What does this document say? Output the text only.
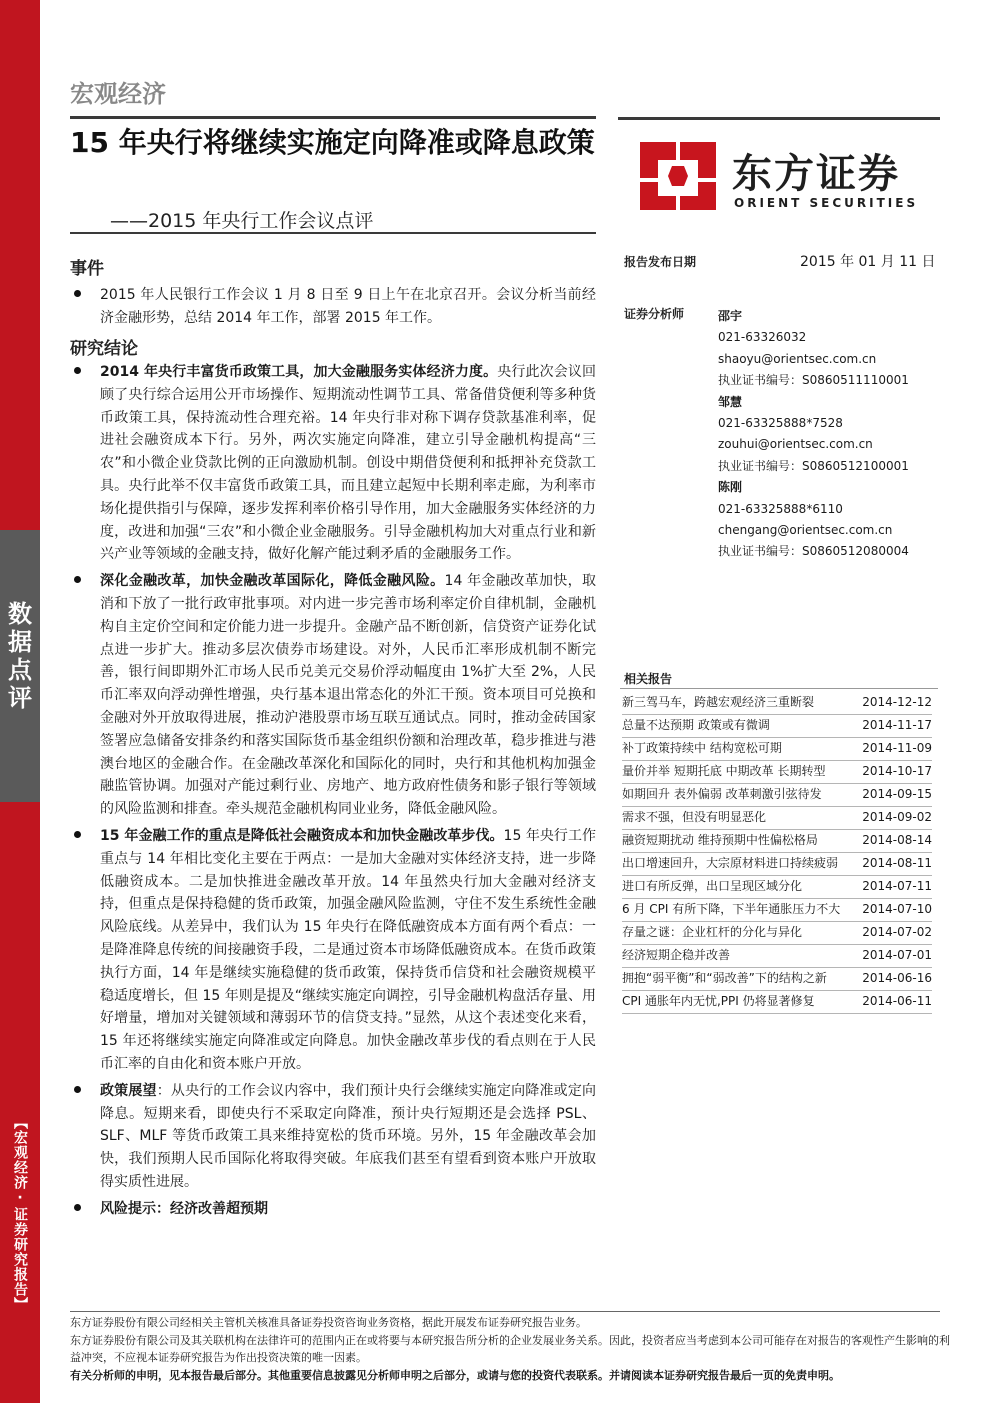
数
据
点
评
【宏观经济·证券研究报告】
宏观经济
15 年央行将继续实施定向降准或降息政策
——2015 年央行工作会议点评
东方证券
ORIENT SECURITIES
事件
2015 年人民银行工作会议 1 月 8 日至 9 日上午在北京召开。会议分析当前经济金融形势，总结 2014 年工作，部署 2015 年工作。
研究结论
2014 年央行丰富货币政策工具，加大金融服务实体经济力度。央行此次会议回顾了央行综合运用公开市场操作、短期流动性调节工具、常备借贷便利等多种货币政策工具，保持流动性合理充裕。14 年央行非对称下调存贷款基准利率，促进社会融资成本下行。另外，两次实施定向降准，建立引导金融机构提高“三农”和小微企业贷款比例的正向激励机制。创设中期借贷便利和抵押补充贷款工具。央行此举不仅丰富货币政策工具，而且建立起短中长期利率走廊，为利率市场化提供指引与保障，逐步发挥利率价格引导作用，加大金融服务实体经济的力度，改进和加强“三农”和小微企业金融服务。引导金融机构加大对重点行业和新兴产业等领域的金融支持，做好化解产能过剩矛盾的金融服务工作。
深化金融改革，加快金融改革国际化，降低金融风险。14 年金融改革加快，取消和下放了一批行政审批事项。对内进一步完善市场利率定价自律机制，金融机构自主定价空间和定价能力进一步提升。金融产品不断创新，信贷资产证券化试点进一步扩大。推动多层次债券市场建设。对外，人民币汇率形成机制不断完善，银行间即期外汇市场人民币兑美元交易价浮动幅度由 1%扩大至 2%，人民币汇率双向浮动弹性增强，央行基本退出常态化的外汇干预。资本项目可兑换和金融对外开放取得进展，推动沪港股票市场互联互通试点。同时，推动金砖国家签署应急储备安排条约和落实国际货币基金组织份额和治理改革，稳步推进与港澳台地区的金融合作。在金融改革深化和国际化的同时，央行和其他机构加强金融监管协调。加强对产能过剩行业、房地产、地方政府性债务和影子银行等领域的风险监测和排查。牵头规范金融机构同业业务，降低金融风险。
15 年金融工作的重点是降低社会融资成本和加快金融改革步伐。15 年央行工作重点与 14 年相比变化主要在于两点：一是加大金融对实体经济支持，进一步降低融资成本。二是加快推进金融改革开放。14 年虽然央行加大金融对经济支持，但重点是保持稳健的货币政策，加强金融风险监测，守住不发生系统性金融风险底线。从差异中，我们认为 15 年央行在降低融资成本方面有两个看点：一是降准降息传统的间接融资手段，二是通过资本市场降低融资成本。在货币政策执行方面，14 年是继续实施稳健的货币政策，保持货币信贷和社会融资规模平稳适度增长，但 15 年则是提及“继续实施定向调控，引导金融机构盘活存量、用好增量，增加对关键领域和薄弱环节的信贷支持。”显然，从这个表述变化来看，15 年还将继续实施定向降准或定向降息。加快金融改革步伐的看点则在于人民币汇率的自由化和资本账户开放。
政策展望：从央行的工作会议内容中，我们预计央行会继续实施定向降准或定向降息。短期来看，即使央行不采取定向降准，预计央行短期还是会选择 PSL、SLF、MLF 等货币政策工具来维持宽松的货币环境。另外，15 年金融改革会加快，我们预期人民币国际化将取得突破。年底我们甚至有望看到资本账户开放取得实质性进展。
风险提示：经济改善超预期
报告发布日期	2015 年 01 月 11 日
证券分析师	邵宇
021-63326032
shaoyu@orientsec.com.cn
执业证书编号：S0860511110001
邹慧
021-63325888*7528
zouhui@orientsec.com.cn
执业证书编号：S0860512100001
陈刚
021-63325888*6110
chengang@orientsec.com.cn
执业证书编号：S0860512080004
相关报告
新三驾马车，跨越宏观经济三重断裂	2014-12-12
总量不达预期 政策或有微调	2014-11-17
补丁政策持续中 结构宽松可期	2014-11-09
量价并举 短期托底 中期改革 长期转型	2014-10-17
如期回升 表外偏弱 改革刺激引弦待发	2014-09-15
需求不强，但没有明显恶化	2014-09-02
融资短期扰动 维持预期中性偏松格局	2014-08-14
出口增速回升，大宗原材料进口持续疲弱	2014-08-11
进口有所反弹，出口呈现区域分化	2014-07-11
6 月 CPI 有所下降，下半年通胀压力不大	2014-07-10
存量之谜：企业杠杆的分化与异化	2014-07-02
经济短期企稳并改善	2014-07-01
拥抱“弱平衡”和“弱改善”下的结构之新	2014-06-16
CPI 通胀年内无忧,PPI 仍将显著修复	2014-06-11
东方证券股份有限公司经相关主管机关核准具备证券投资咨询业务资格，据此开展发布证券研究报告业务。
东方证券股份有限公司及其关联机构在法律许可的范围内正在或将要与本研究报告所分析的企业发展业务关系。因此，投资者应当考虑到本公司可能存在对报告的客观性产生影响的利益冲突，不应视本证券研究报告为作出投资决策的唯一因素。
有关分析师的申明，见本报告最后部分。其他重要信息披露见分析师申明之后部分，或请与您的投资代表联系。并请阅读本证券研究报告最后一页的免责申明。
